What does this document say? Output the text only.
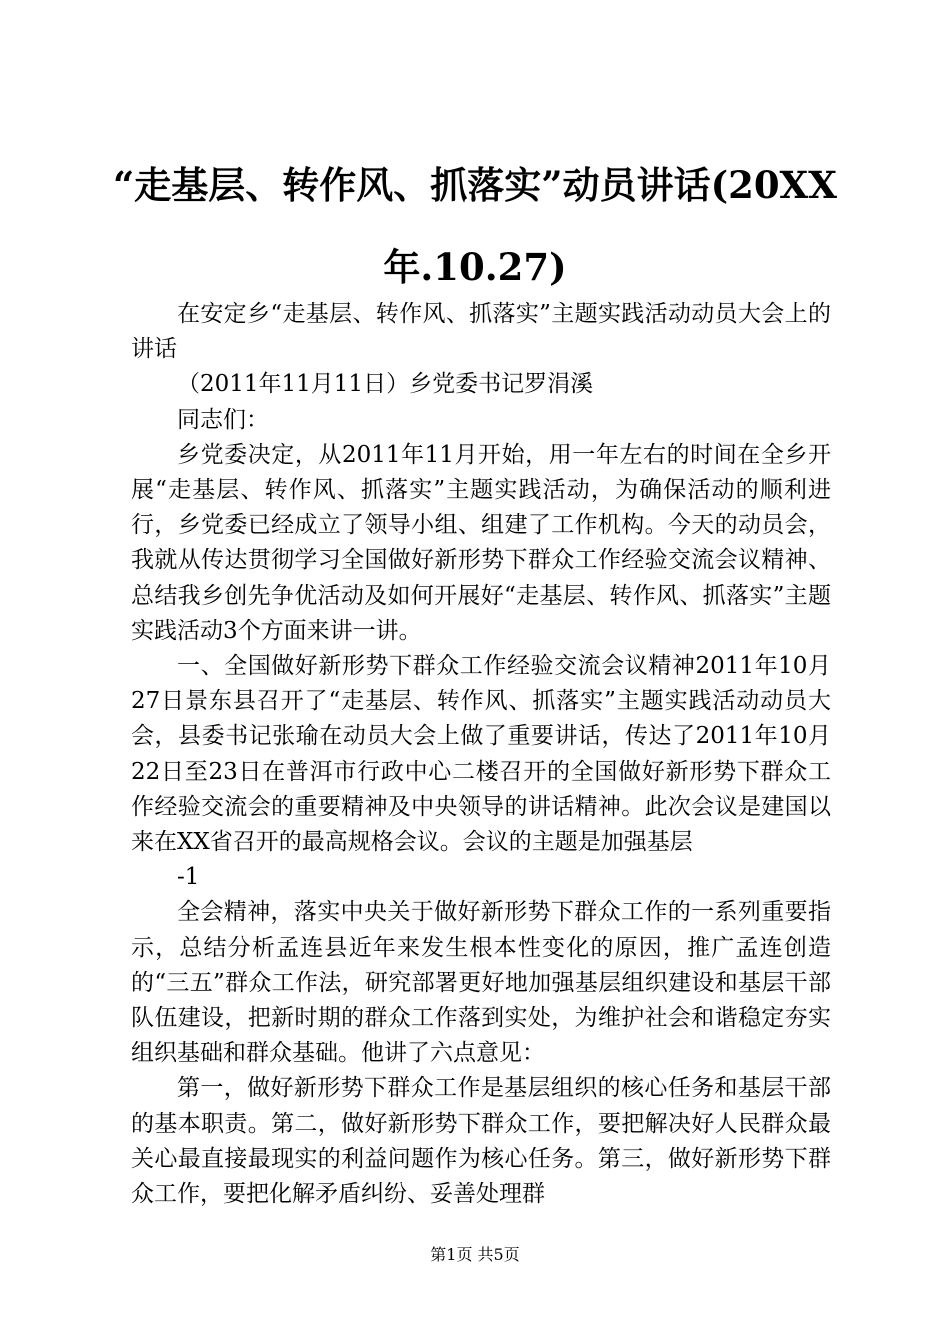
“走基层、转作风、抓落实”动员讲话(20XX
年.10.27)

在安定乡“走基层、转作风、抓落实”主题实践活动动员大会上的讲话

（2011年11月11日）乡党委书记罗涓溪

同志们：

乡党委决定，从2011年11月开始，用一年左右的时间在全乡开展“走基层、转作风、抓落实”主题实践活动，为确保活动的顺利进行，乡党委已经成立了领导小组、组建了工作机构。今天的动员会，我就从传达贯彻学习全国做好新形势下群众工作经验交流会议精神、总结我乡创先争优活动及如何开展好“走基层、转作风、抓落实”主题实践活动3个方面来讲一讲。

一、全国做好新形势下群众工作经验交流会议精神2011年10月27日景东县召开了“走基层、转作风、抓落实”主题实践活动动员大会，县委书记张瑜在动员大会上做了重要讲话，传达了2011年10月22日至23日在普洱市行政中心二楼召开的全国做好新形势下群众工作经验交流会的重要精神及中央领导的讲话精神。此次会议是建国以来在XX省召开的最高规格会议。会议的主题是加强基层

-1

全会精神，落实中央关于做好新形势下群众工作的一系列重要指示，总结分析孟连县近年来发生根本性变化的原因，推广孟连创造的“三五”群众工作法，研究部署更好地加强基层组织建设和基层干部队伍建设，把新时期的群众工作落到实处，为维护社会和谐稳定夯实组织基础和群众基础。他讲了六点意见：

第一，做好新形势下群众工作是基层组织的核心任务和基层干部的基本职责。第二，做好新形势下群众工作，要把解决好人民群众最关心最直接最现实的利益问题作为核心任务。第三，做好新形势下群众工作，要把化解矛盾纠纷、妥善处理群

第1页 共5页
